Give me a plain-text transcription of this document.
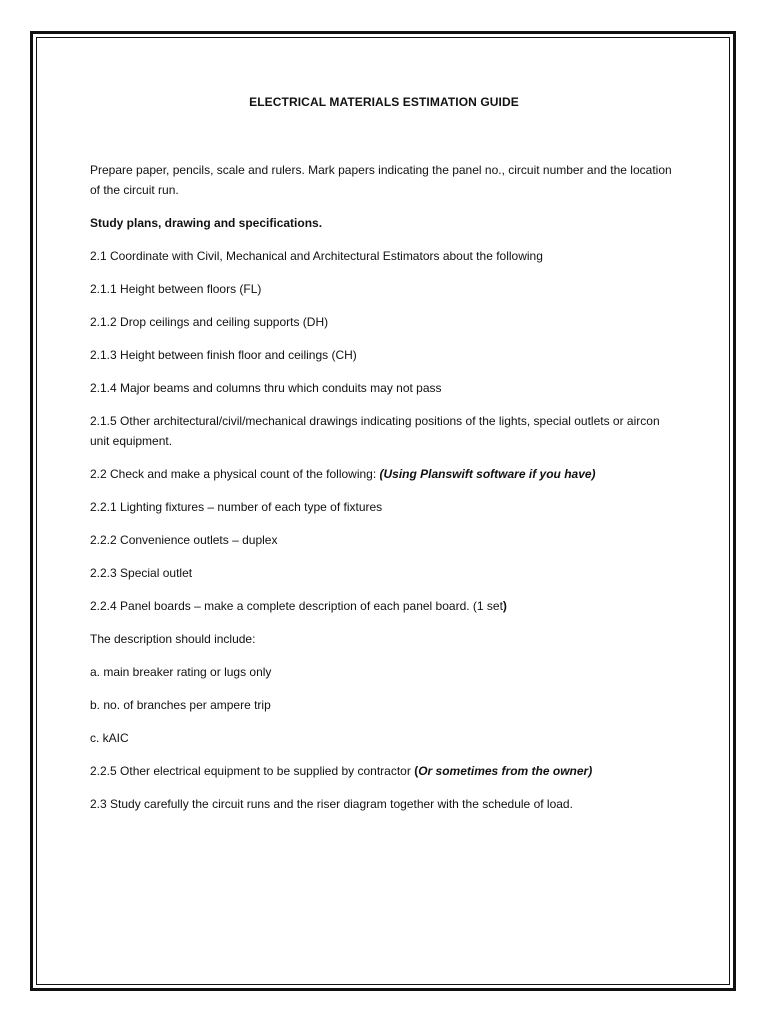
ELECTRICAL MATERIALS ESTIMATION GUIDE
Prepare paper, pencils, scale and rulers. Mark papers indicating the panel no., circuit number and the location of the circuit run.
Study plans, drawing and specifications.
2.1 Coordinate with Civil, Mechanical and Architectural Estimators about the following
2.1.1 Height between floors (FL)
2.1.2 Drop ceilings and ceiling supports (DH)
2.1.3 Height between finish floor and ceilings (CH)
2.1.4 Major beams and columns thru which conduits may not pass
2.1.5 Other architectural/civil/mechanical drawings indicating positions of the lights, special outlets or aircon unit equipment.
2.2 Check and make a physical count of the following: (Using Planswift software if you have)
2.2.1 Lighting fixtures – number of each type of fixtures
2.2.2 Convenience outlets – duplex
2.2.3 Special outlet
2.2.4 Panel boards – make a complete description of each panel board. (1 set)
The description should include:
a. main breaker rating or lugs only
b. no. of branches per ampere trip
c. kAIC
2.2.5 Other electrical equipment to be supplied by contractor (Or sometimes from the owner)
2.3 Study carefully the circuit runs and the riser diagram together with the schedule of load.
